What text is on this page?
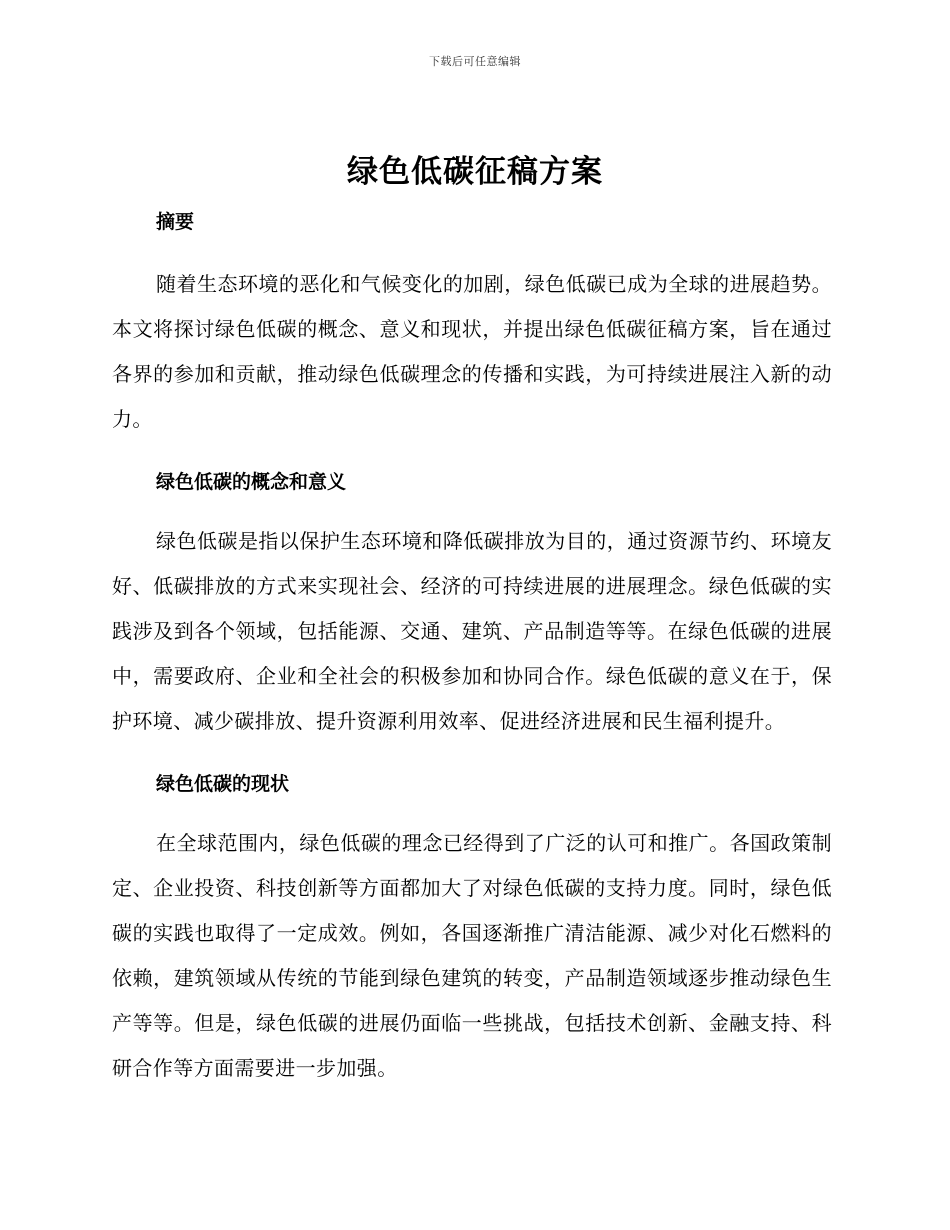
下载后可任意编辑
绿色低碳征稿方案
摘要

随着生态环境的恶化和气候变化的加剧，绿色低碳已成为全球的进展趋势。本文将探讨绿色低碳的概念、意义和现状，并提出绿色低碳征稿方案，旨在通过各界的参加和贡献，推动绿色低碳理念的传播和实践，为可持续进展注入新的动力。

绿色低碳的概念和意义

绿色低碳是指以保护生态环境和降低碳排放为目的，通过资源节约、环境友好、低碳排放的方式来实现社会、经济的可持续进展的进展理念。绿色低碳的实践涉及到各个领域，包括能源、交通、建筑、产品制造等等。在绿色低碳的进展中，需要政府、企业和全社会的积极参加和协同合作。绿色低碳的意义在于，保护环境、减少碳排放、提升资源利用效率、促进经济进展和民生福利提升。

绿色低碳的现状

在全球范围内，绿色低碳的理念已经得到了广泛的认可和推广。各国政策制定、企业投资、科技创新等方面都加大了对绿色低碳的支持力度。同时，绿色低碳的实践也取得了一定成效。例如，各国逐渐推广清洁能源、减少对化石燃料的依赖，建筑领域从传统的节能到绿色建筑的转变，产品制造领域逐步推动绿色生产等等。但是，绿色低碳的进展仍面临一些挑战，包括技术创新、金融支持、科研合作等方面需要进一步加强。
